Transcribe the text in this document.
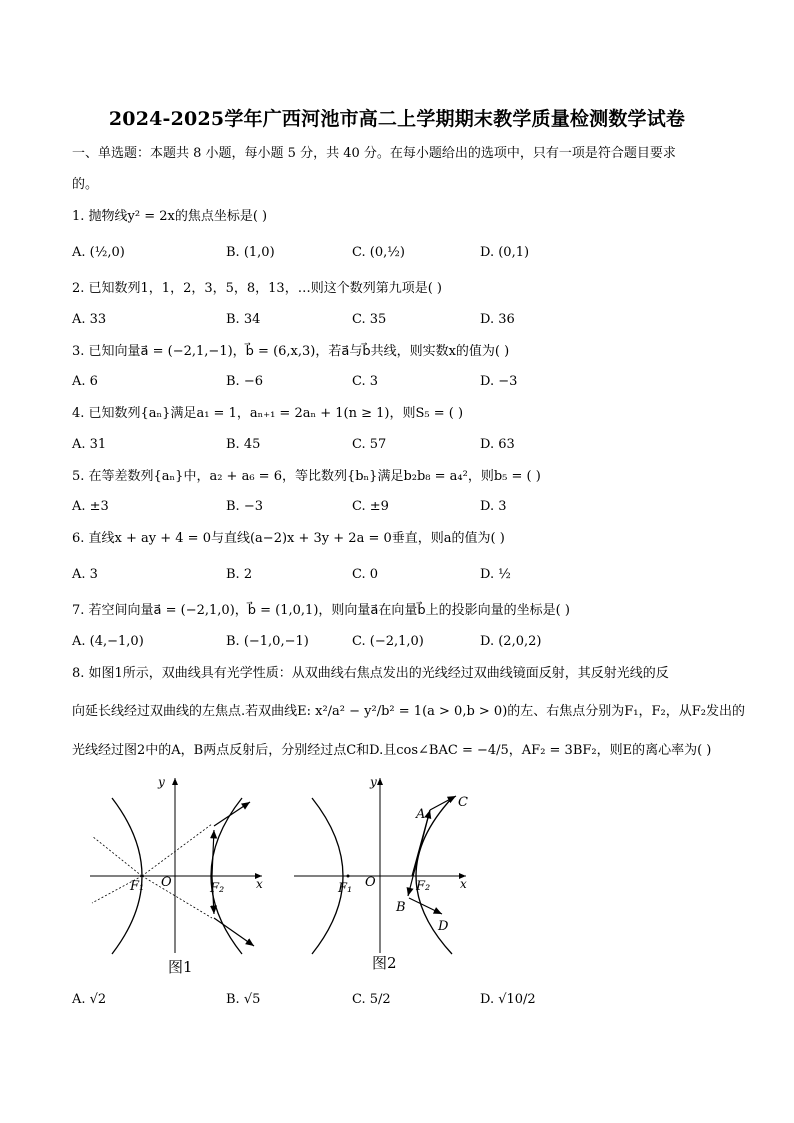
2024-2025学年广西河池市高二上学期期末教学质量检测数学试卷
一、单选题：本题共 8 小题，每小题 5 分，共 40 分。在每小题给出的选项中，只有一项是符合题目要求
的。
1. 抛物线y² = 2x的焦点坐标是( )
A. (½,0)	B. (1,0)	C. (0,½)	D. (0,1)
2. 已知数列1，1，2，3，5，8，13，…则这个数列第九项是( )
A. 33	B. 34	C. 35	D. 36
3. 已知向量a⃗ = (−2,1,−1)，b⃗ = (6,x,3)，若a⃗与b⃗共线，则实数x的值为( )
A. 6	B. −6	C. 3	D. −3
4. 已知数列{aₙ}满足a₁ = 1，aₙ₊₁ = 2aₙ + 1(n ≥ 1)，则S₅ = ( )
A. 31	B. 45	C. 57	D. 63
5. 在等差数列{aₙ}中，a₂ + a₆ = 6，等比数列{bₙ}满足b₂b₈ = a₄²，则b₅ = ( )
A. ±3	B. −3	C. ±9	D. 3
6. 直线x + ay + 4 = 0与直线(a−2)x + 3y + 2a = 0垂直，则a的值为( )
A. 3	B. 2	C. 0	D. ½
7. 若空间向量a⃗ = (−2,1,0)，b⃗ = (1,0,1)，则向量a⃗在向量b⃗上的投影向量的坐标是( )
A. (4,−1,0)	B. (−1,0,−1)	C. (−2,1,0)	D. (2,0,2)
8. 如图1所示，双曲线具有光学性质：从双曲线右焦点发出的光线经过双曲线镜面反射，其反射光线的反
向延长线经过双曲线的左焦点.若双曲线E: x²/a² − y²/b² = 1(a > 0,b > 0)的左、右焦点分别为F₁，F₂，从F₂发出的
光线经过图2中的A，B两点反射后，分别经过点C和D.且cos∠BAC = −4/5，AF₂ = 3BF₂，则E的离心率为( )
y
x
O
F₁	F₂
图1
y
x
O
F₁	F₂
A
B
C
D
图2
A. √2	B. √5	C. 5/2	D. √10/2
